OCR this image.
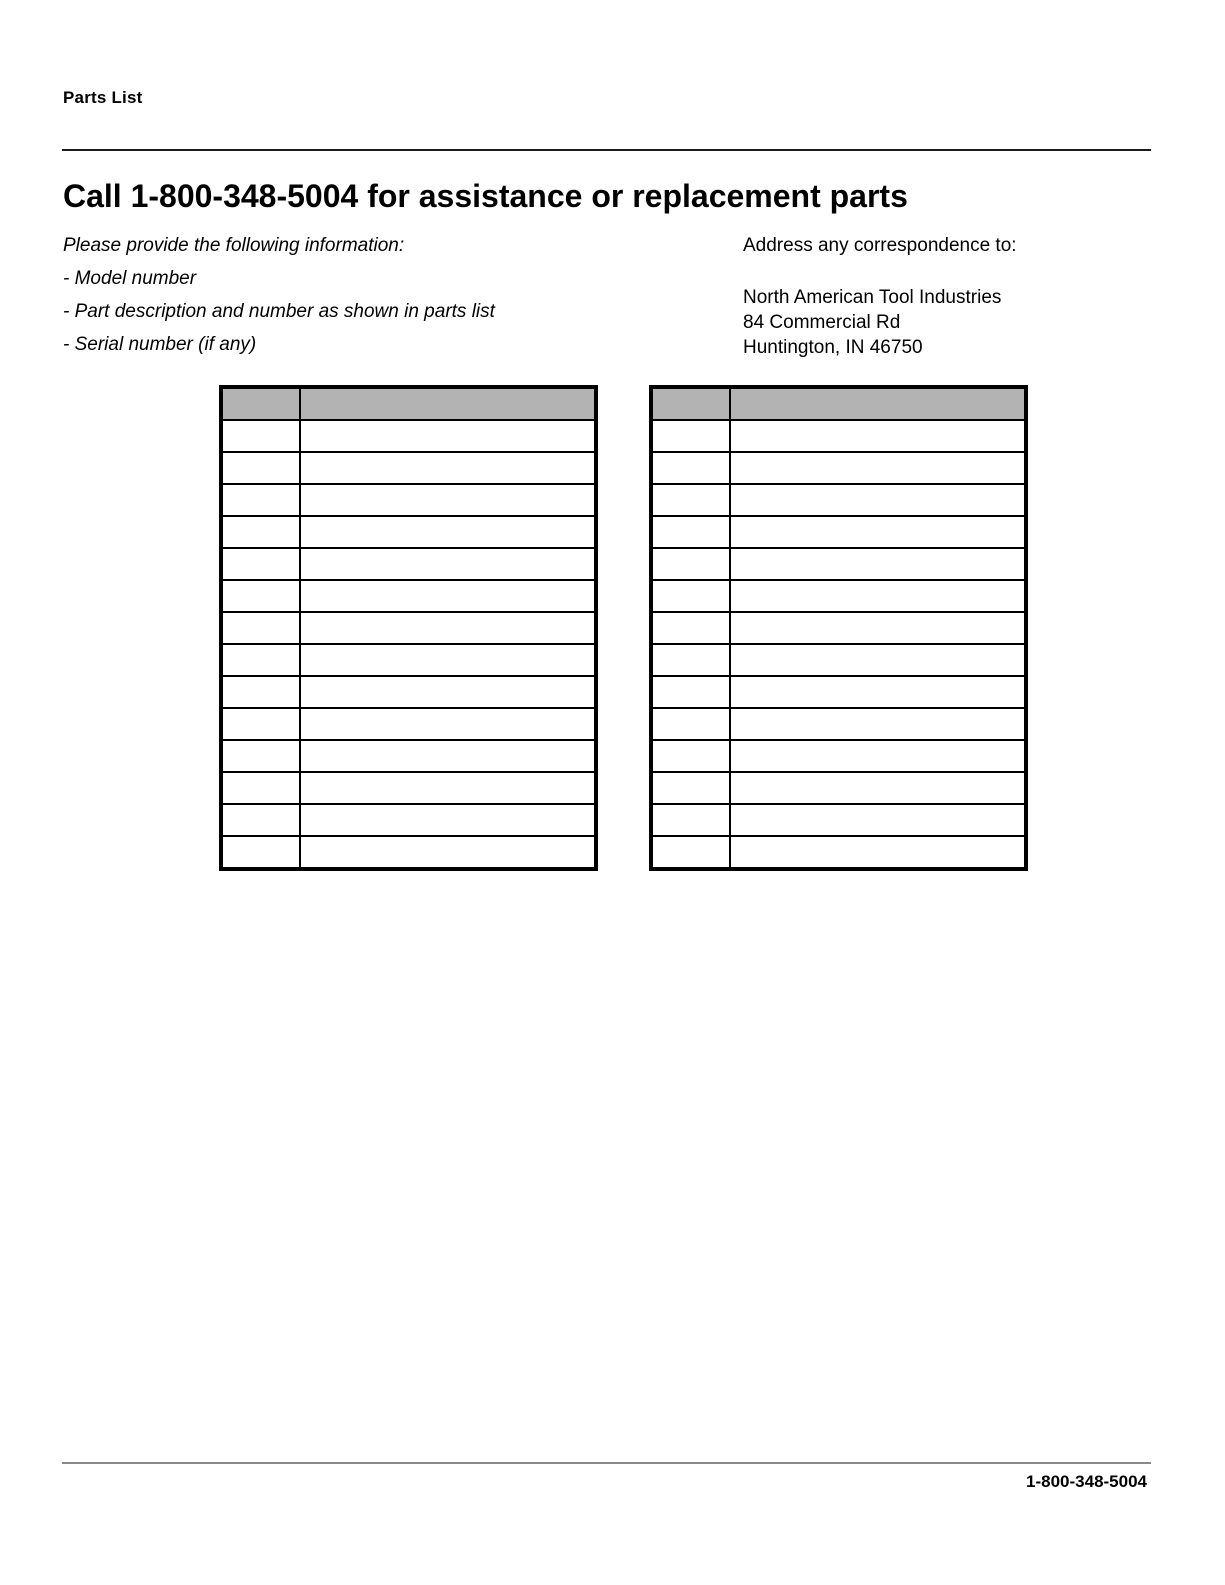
Parts List
Call 1-800-348-5004 for assistance or replacement parts
Please provide the following information:
- Model number
- Part description and number as shown in parts list
- Serial number (if any)
Address any correspondence to:
North American Tool Industries
84 Commercial Rd
Huntington, IN 46750

1-800-348-5004
